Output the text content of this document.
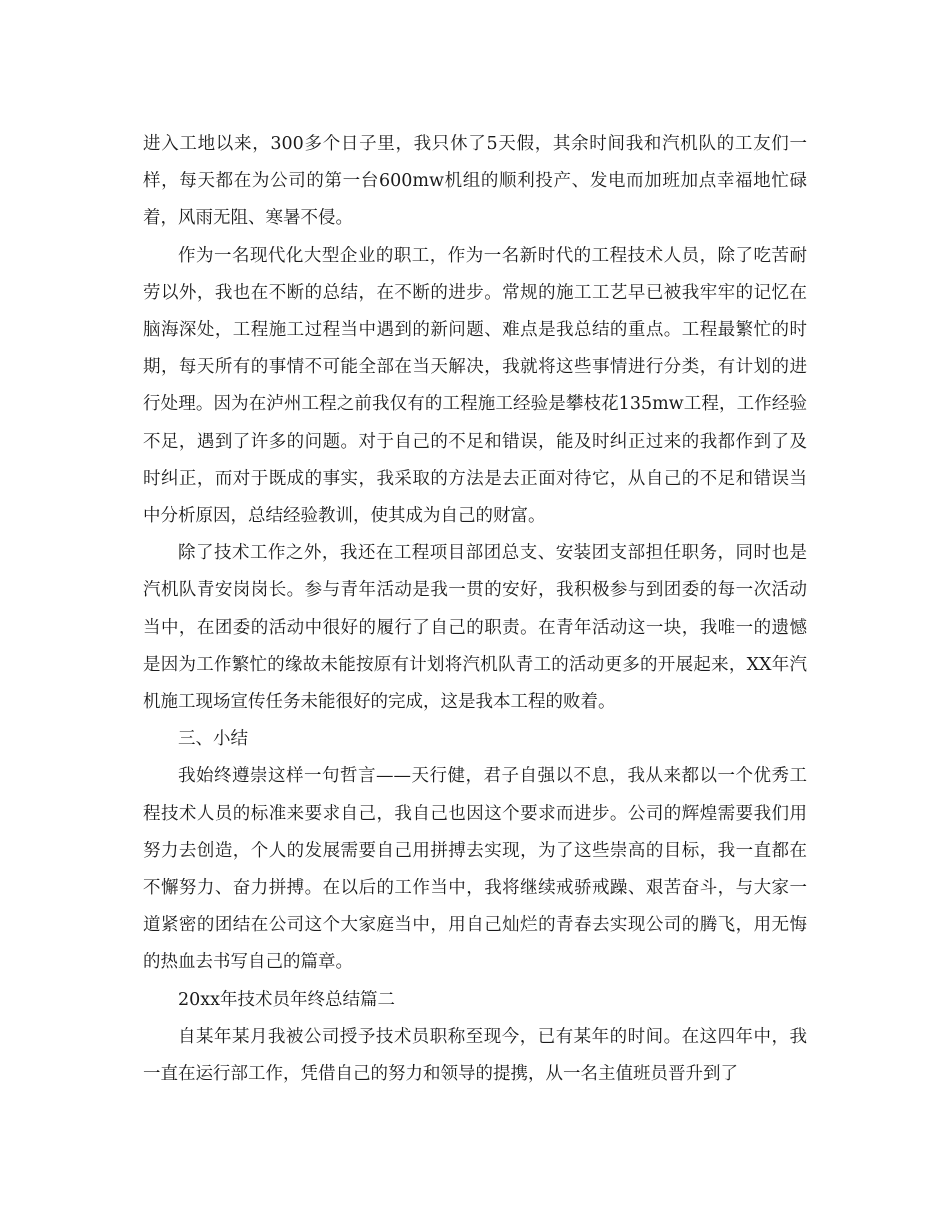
进入工地以来，300多个日子里，我只休了5天假，其余时间我和汽机队的工友们一样，每天都在为公司的第一台600mw机组的顺利投产、发电而加班加点幸福地忙碌着，风雨无阻、寒暑不侵。

作为一名现代化大型企业的职工，作为一名新时代的工程技术人员，除了吃苦耐劳以外，我也在不断的总结，在不断的进步。常规的施工工艺早已被我牢牢的记忆在脑海深处，工程施工过程当中遇到的新问题、难点是我总结的重点。工程最繁忙的时期，每天所有的事情不可能全部在当天解决，我就将这些事情进行分类，有计划的进行处理。因为在泸州工程之前我仅有的工程施工经验是攀枝花135mw工程，工作经验不足，遇到了许多的问题。对于自己的不足和错误，能及时纠正过来的我都作到了及时纠正，而对于既成的事实，我采取的方法是去正面对待它，从自己的不足和错误当中分析原因，总结经验教训，使其成为自己的财富。

除了技术工作之外，我还在工程项目部团总支、安装团支部担任职务，同时也是汽机队青安岗岗长。参与青年活动是我一贯的安好，我积极参与到团委的每一次活动当中，在团委的活动中很好的履行了自己的职责。在青年活动这一块，我唯一的遗憾是因为工作繁忙的缘故未能按原有计划将汽机队青工的活动更多的开展起来，XX年汽机施工现场宣传任务未能很好的完成，这是我本工程的败着。

三、小结

我始终遵崇这样一句哲言——天行健，君子自强以不息，我从来都以一个优秀工程技术人员的标准来要求自己，我自己也因这个要求而进步。公司的辉煌需要我们用努力去创造，个人的发展需要自己用拼搏去实现，为了这些崇高的目标，我一直都在不懈努力、奋力拼搏。在以后的工作当中，我将继续戒骄戒躁、艰苦奋斗，与大家一道紧密的团结在公司这个大家庭当中，用自己灿烂的青春去实现公司的腾飞，用无悔的热血去书写自己的篇章。

20xx年技术员年终总结篇二

自某年某月我被公司授予技术员职称至现今，已有某年的时间。在这四年中，我一直在运行部工作，凭借自己的努力和领导的提携，从一名主值班员晋升到了
